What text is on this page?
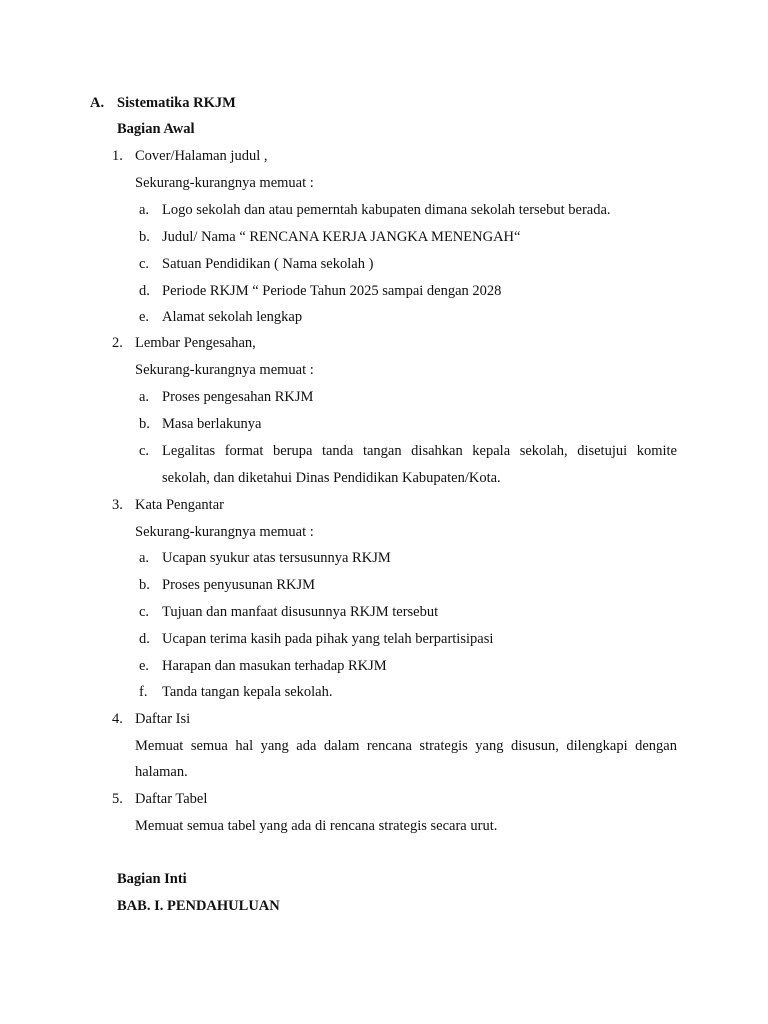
A. Sistematika RKJM
Bagian Awal
1. Cover/Halaman judul ,
Sekurang-kurangnya memuat :
a. Logo sekolah dan atau pemerntah kabupaten dimana sekolah tersebut berada.
b. Judul/ Nama “ RENCANA KERJA JANGKA MENENGAH“
c. Satuan Pendidikan ( Nama sekolah )
d. Periode RKJM “ Periode Tahun 2025 sampai dengan 2028
e. Alamat sekolah lengkap
2. Lembar Pengesahan,
Sekurang-kurangnya memuat :
a. Proses pengesahan RKJM
b. Masa berlakunya
c. Legalitas format berupa tanda tangan disahkan kepala sekolah, disetujui komite
sekolah, dan diketahui Dinas Pendidikan Kabupaten/Kota.
3. Kata Pengantar
Sekurang-kurangnya memuat :
a. Ucapan syukur atas tersusunnya RKJM
b. Proses penyusunan RKJM
c. Tujuan dan manfaat disusunnya RKJM tersebut
d. Ucapan terima kasih pada pihak yang telah berpartisipasi
e. Harapan dan masukan terhadap RKJM
f. Tanda tangan kepala sekolah.
4. Daftar Isi
Memuat semua hal yang ada dalam rencana strategis yang disusun, dilengkapi dengan
halaman.
5. Daftar Tabel
Memuat semua tabel yang ada di rencana strategis secara urut.
Bagian Inti
BAB. I. PENDAHULUAN
